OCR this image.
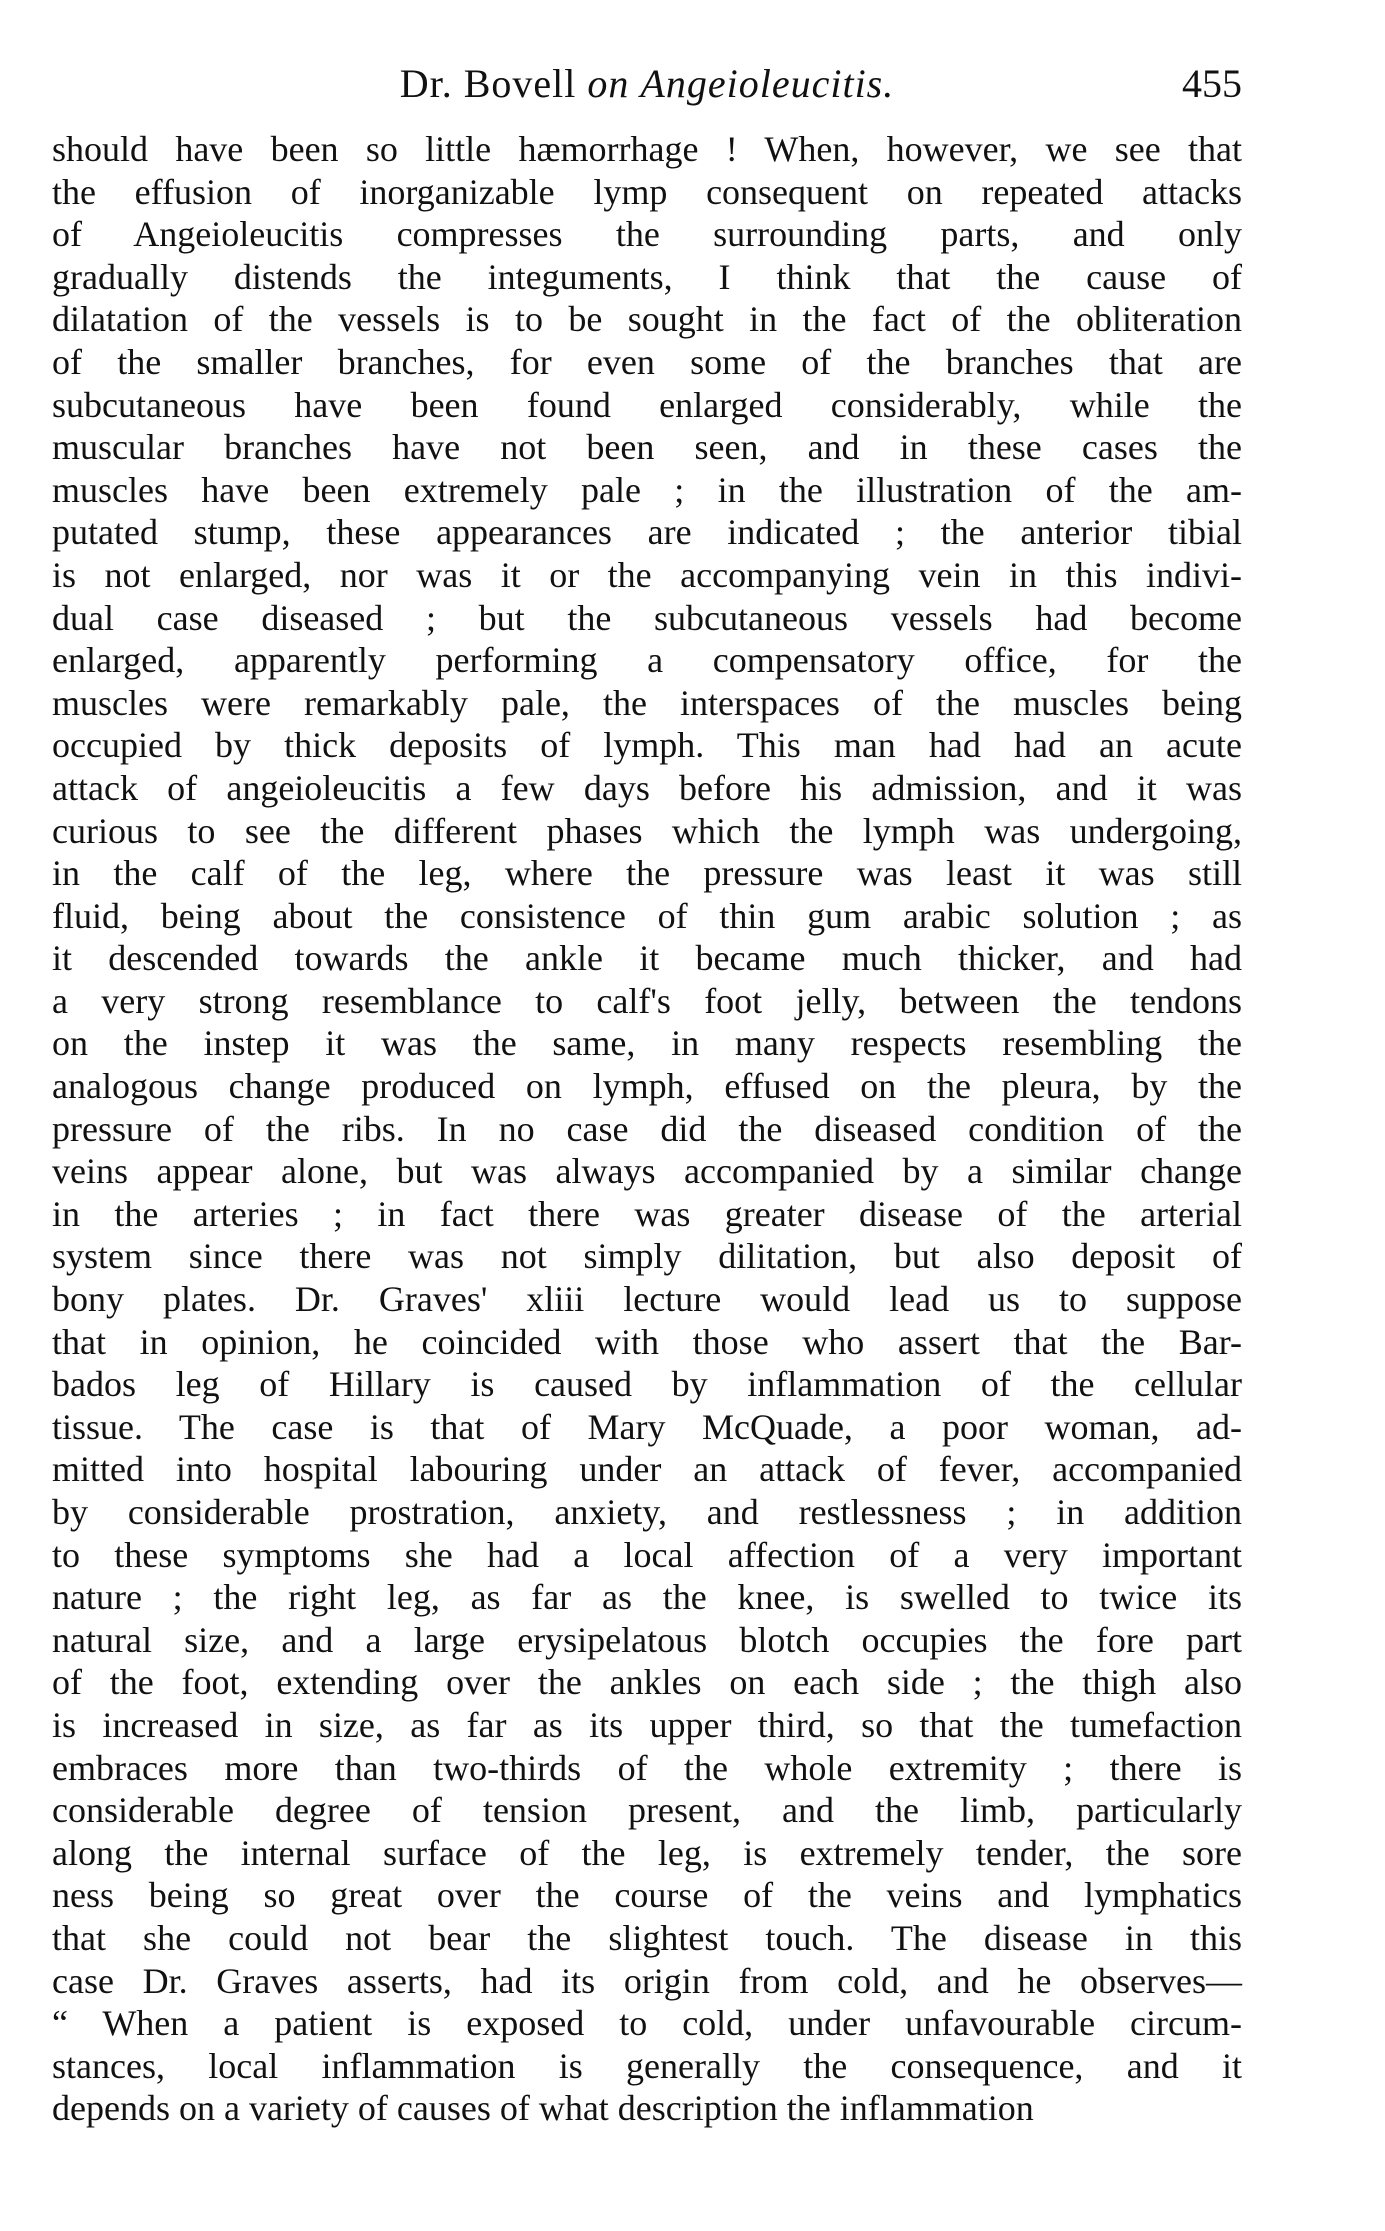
Dr. Bovell on Angeioleucitis.	455
should have been so little hæmorrhage ! When, however, we see that
the effusion of inorganizable lymp consequent on repeated attacks
of Angeioleucitis compresses the surrounding parts, and only
gradually distends the integuments, I think that the cause of
dilatation of the vessels is to be sought in the fact of the obliteration
of the smaller branches, for even some of the branches that are
subcutaneous have been found enlarged considerably, while the
muscular branches have not been seen, and in these cases the
muscles have been extremely pale ; in the illustration of the am-
putated stump, these appearances are indicated ; the anterior tibial
is not enlarged, nor was it or the accompanying vein in this indivi-
dual case diseased ; but the subcutaneous vessels had become
enlarged, apparently performing a compensatory office, for the
muscles were remarkably pale, the interspaces of the muscles being
occupied by thick deposits of lymph. This man had had an acute
attack of angeioleucitis a few days before his admission, and it was
curious to see the different phases which the lymph was undergoing,
in the calf of the leg, where the pressure was least it was still
fluid, being about the consistence of thin gum arabic solution ; as
it descended towards the ankle it became much thicker, and had
a very strong resemblance to calf's foot jelly, between the tendons
on the instep it was the same, in many respects resembling the
analogous change produced on lymph, effused on the pleura, by the
pressure of the ribs. In no case did the diseased condition of the
veins appear alone, but was always accompanied by a similar change
in the arteries ; in fact there was greater disease of the arterial
system since there was not simply dilitation, but also deposit of
bony plates. Dr. Graves' xliii lecture would lead us to suppose
that in opinion, he coincided with those who assert that the Bar-
bados leg of Hillary is caused by inflammation of the cellular
tissue. The case is that of Mary McQuade, a poor woman, ad-
mitted into hospital labouring under an attack of fever, accompanied
by considerable prostration, anxiety, and restlessness ; in addition
to these symptoms she had a local affection of a very important
nature ; the right leg, as far as the knee, is swelled to twice its
natural size, and a large erysipelatous blotch occupies the fore part
of the foot, extending over the ankles on each side ; the thigh also
is increased in size, as far as its upper third, so that the tumefaction
embraces more than two-thirds of the whole extremity ; there is
considerable degree of tension present, and the limb, particularly
along the internal surface of the leg, is extremely tender, the sore
ness being so great over the course of the veins and lymphatics
that she could not bear the slightest touch. The disease in this
case Dr. Graves asserts, had its origin from cold, and he observes—
“ When a patient is exposed to cold, under unfavourable circum-
stances, local inflammation is generally the consequence, and it
depends on a variety of causes of what description the inflammation
